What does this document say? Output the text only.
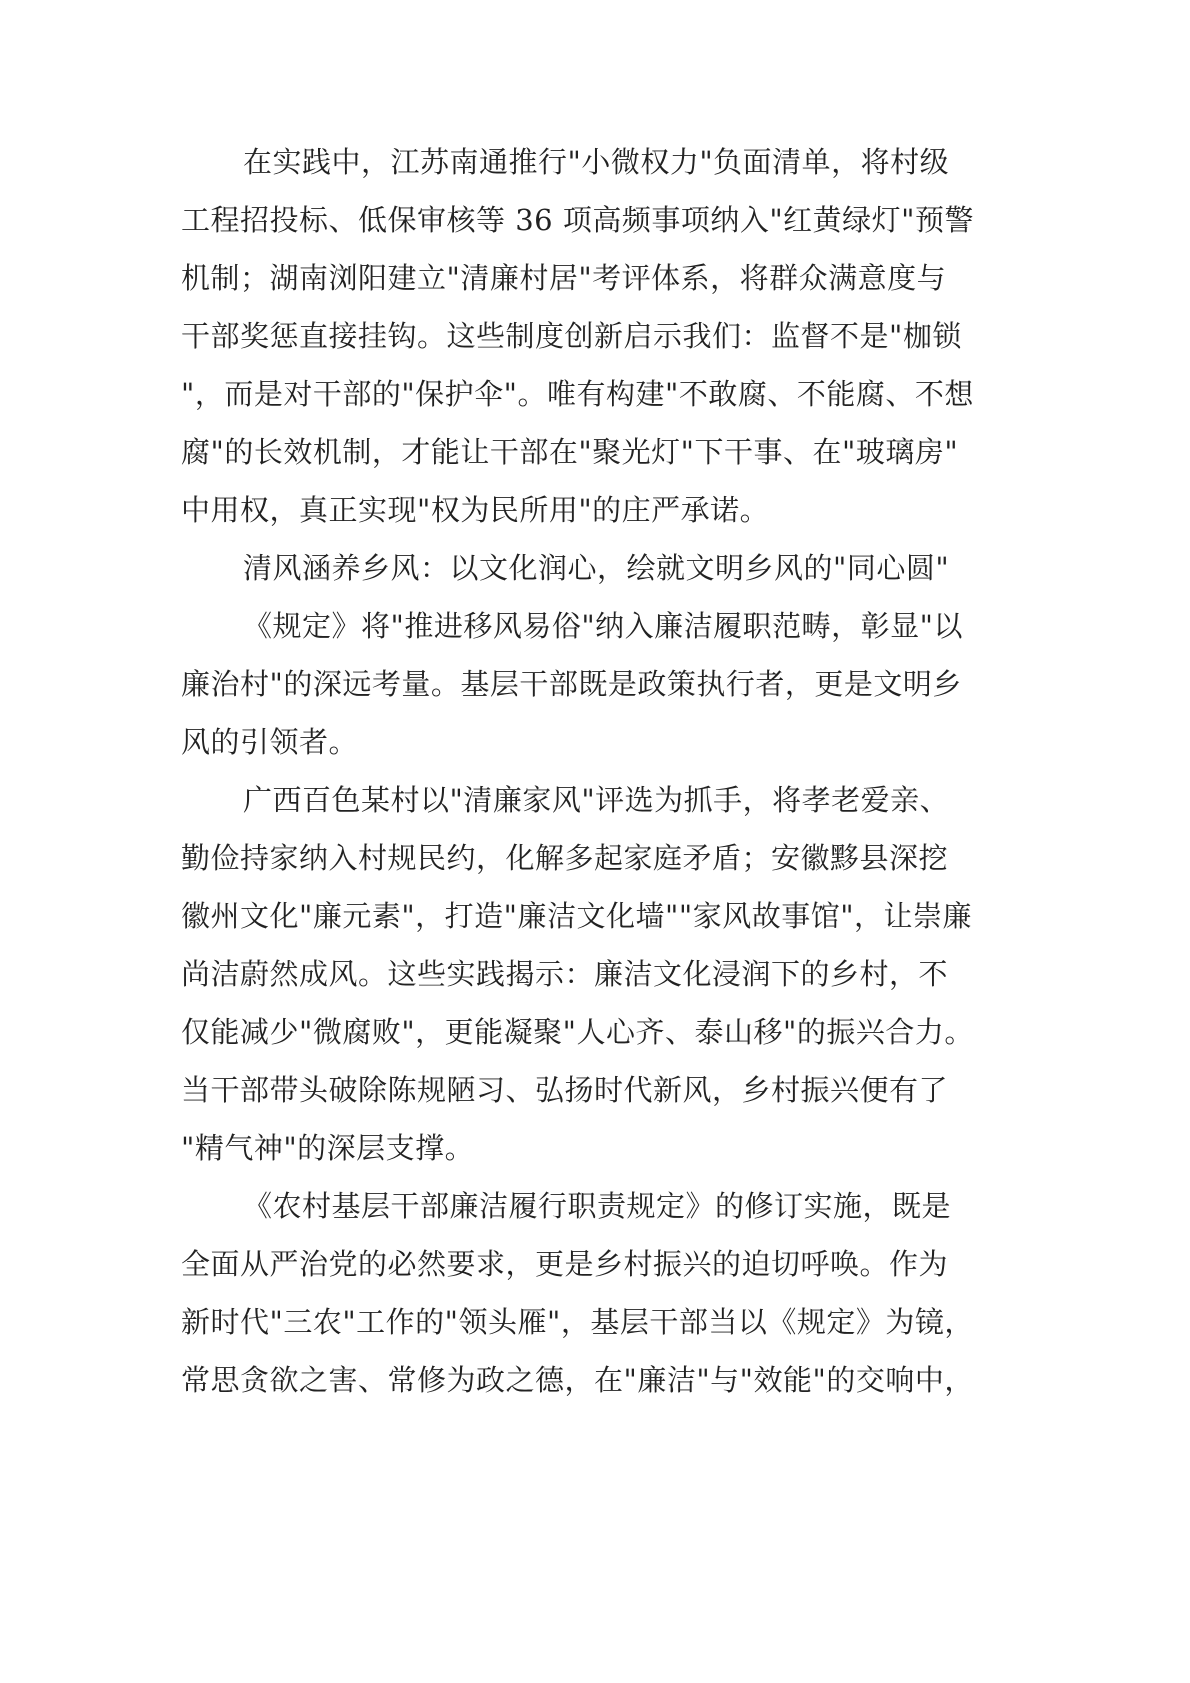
在实践中，江苏南通推行"小微权力"负面清单，将村级
工程招投标、低保审核等 36 项高频事项纳入"红黄绿灯"预警
机制；湖南浏阳建立"清廉村居"考评体系，将群众满意度与
干部奖惩直接挂钩。这些制度创新启示我们：监督不是"枷锁
"，而是对干部的"保护伞"。唯有构建"不敢腐、不能腐、不想
腐"的长效机制，才能让干部在"聚光灯"下干事、在"玻璃房"
中用权，真正实现"权为民所用"的庄严承诺。
清风涵养乡风：以文化润心，绘就文明乡风的"同心圆"
《规定》将"推进移风易俗"纳入廉洁履职范畴，彰显"以
廉治村"的深远考量。基层干部既是政策执行者，更是文明乡
风的引领者。
广西百色某村以"清廉家风"评选为抓手，将孝老爱亲、
勤俭持家纳入村规民约，化解多起家庭矛盾；安徽黟县深挖
徽州文化"廉元素"，打造"廉洁文化墙""家风故事馆"，让崇廉
尚洁蔚然成风。这些实践揭示：廉洁文化浸润下的乡村，不
仅能减少"微腐败"，更能凝聚"人心齐、泰山移"的振兴合力。
当干部带头破除陈规陋习、弘扬时代新风，乡村振兴便有了
"精气神"的深层支撑。
《农村基层干部廉洁履行职责规定》的修订实施，既是
全面从严治党的必然要求，更是乡村振兴的迫切呼唤。作为
新时代"三农"工作的"领头雁"，基层干部当以《规定》为镜，
常思贪欲之害、常修为政之德，在"廉洁"与"效能"的交响中，
